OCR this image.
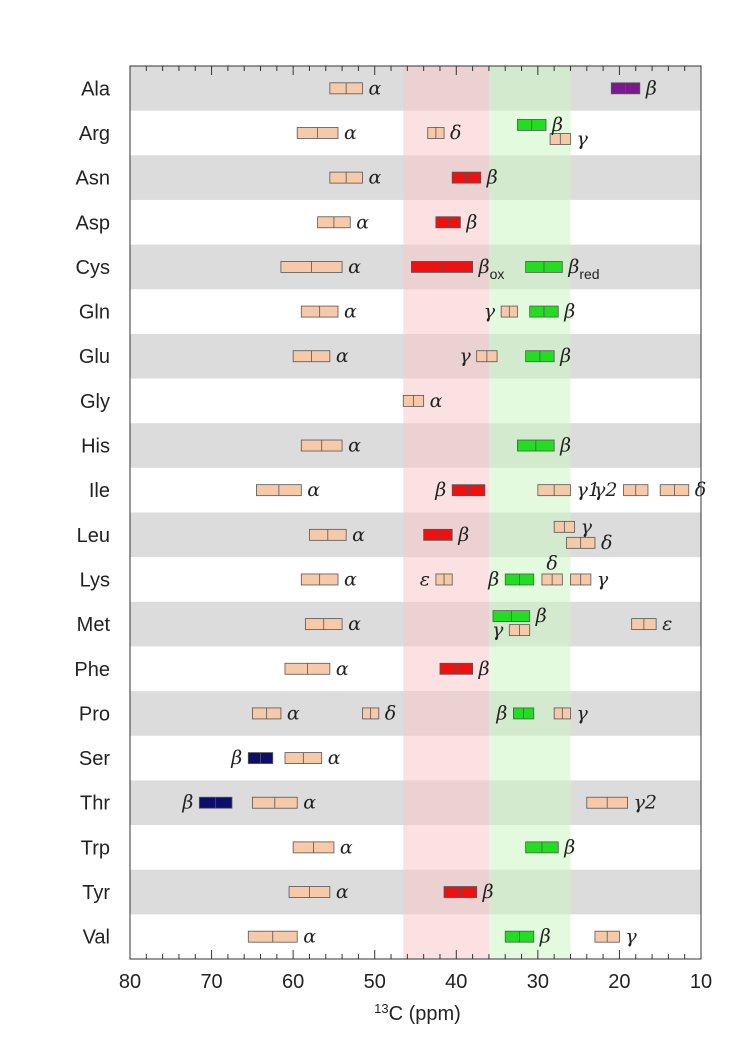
α	β
α	δ	β
γ
α	β
α	β
α	$\beta_{ox}$	$\beta_{red}$
α	γ	β
α	γ	β
α
α	β
α	β	γ1
γ2	δ
α	β	γ
δ
α	ε	β
δ
γ
α	β
γ	ε
α	β
α	δ	β	γ
β	α
β	α	γ2
α	β
α	β
α	β	γ
Ala
Arg
Asn
Asp
Cys
Gln
Glu
Gly
His
Ile
Leu
Lys
Met
Phe
Pro
Ser
Thr
Trp
Tyr
Val
80	70	60	50	40	30	20	10
$^{13}$C (ppm)
